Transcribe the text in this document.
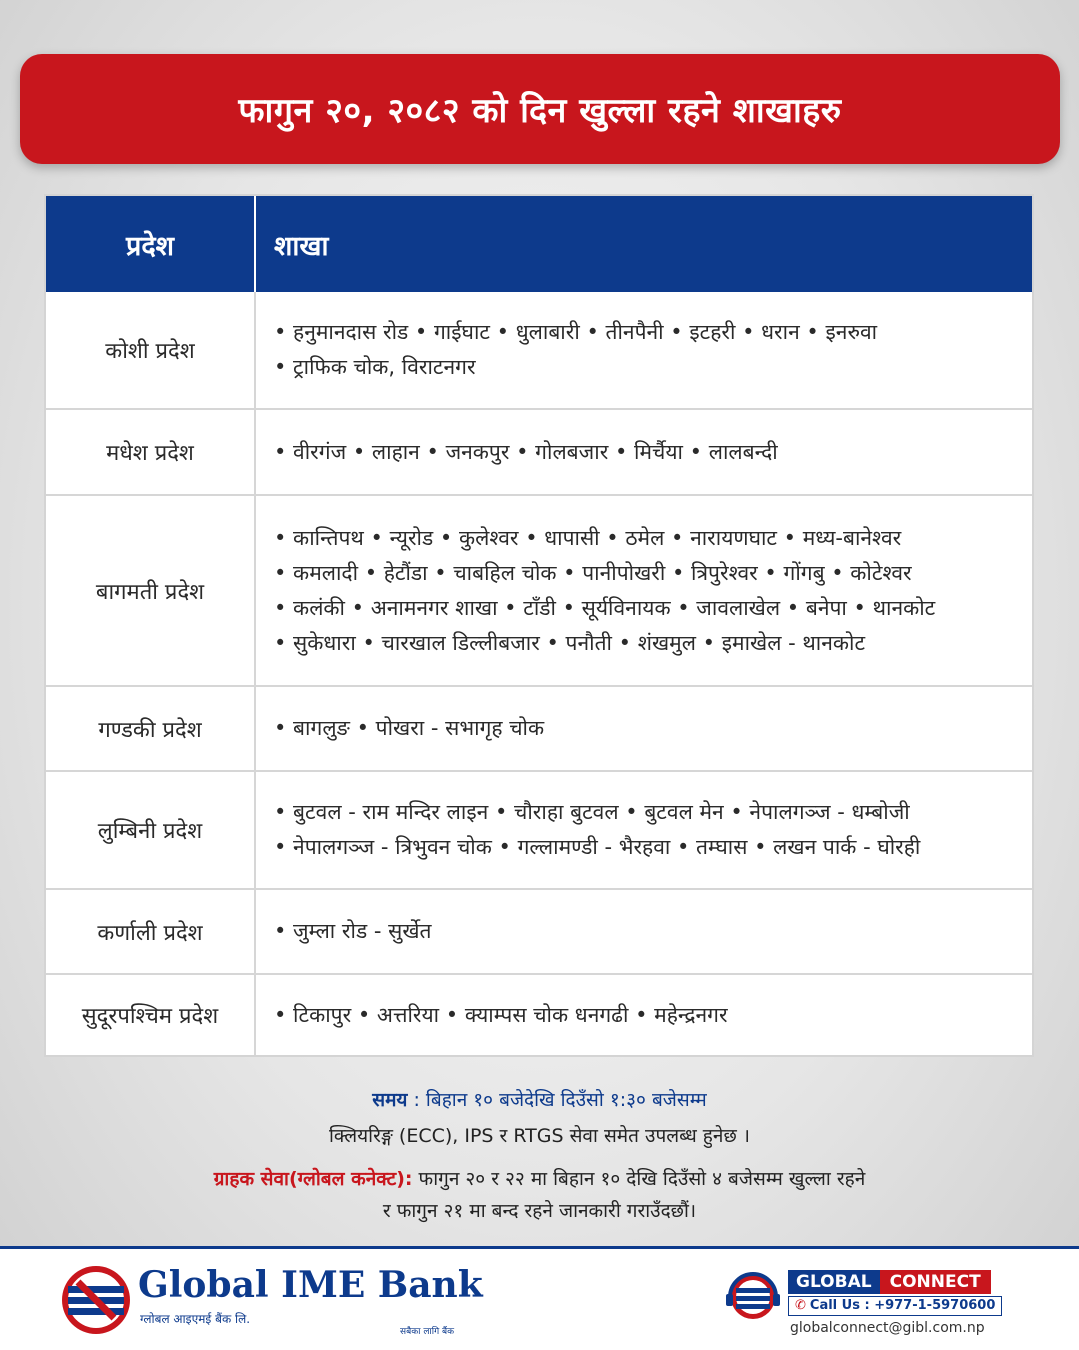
फागुन २०, २०८२ को दिन खुल्ला रहने शाखाहरु
प्रदेश	शाखा
कोशी प्रदेश
• हनुमानदास रोड • गाईघाट • धुलाबारी • तीनपैनी • इटहरी • धरान • इनरुवा
• ट्राफिक चोक, विराटनगर
मधेश प्रदेश	• वीरगंज • लाहान • जनकपुर • गोलबजार • मिर्चैया • लालबन्दी
बागमती प्रदेश
• कान्तिपथ • न्यूरोड • कुलेश्वर • धापासी • ठमेल • नारायणघाट • मध्य-बानेश्वर
• कमलादी • हेटौंडा • चाबहिल चोक • पानीपोखरी • त्रिपुरेश्वर • गोंगबु • कोटेश्वर
• कलंकी • अनामनगर शाखा • टाँडी • सूर्यविनायक • जावलाखेल • बनेपा • थानकोट
• सुकेधारा • चारखाल डिल्लीबजार • पनौती • शंखमुल • इमाखेल - थानकोट
गण्डकी प्रदेश	• बागलुङ • पोखरा - सभागृह चोक
लुम्बिनी प्रदेश
• बुटवल - राम मन्दिर लाइन • चौराहा बुटवल • बुटवल मेन • नेपालगञ्ज - धम्बोजी
• नेपालगञ्ज - त्रिभुवन चोक • गल्लामण्डी - भैरहवा • तम्घास • लखन पार्क - घोरही
कर्णाली प्रदेश	• जुम्ला रोड - सुर्खेत
सुदूरपश्चिम प्रदेश	• टिकापुर • अत्तरिया • क्याम्पस चोक धनगढी • महेन्द्रनगर
समय : बिहान १० बजेदेखि दिउँसो १:३० बजेसम्म
क्लियरिङ्ग (ECC), IPS र RTGS सेवा समेत उपलब्ध हुनेछ ।
ग्राहक सेवा(ग्लोबल कनेक्ट): फागुन २० र २२ मा बिहान १० देखि दिउँसो ४ बजेसम्म खुल्ला रहने
र फागुन २१ मा बन्द रहने जानकारी गराउँदछौं।
Global IME Bank
ग्लोबल आइएमई बैंक लि.
सबैका लागि बैंक
GLOBAL	CONNECT
✆ Call Us : +977-1-5970600
globalconnect@gibl.com.np
